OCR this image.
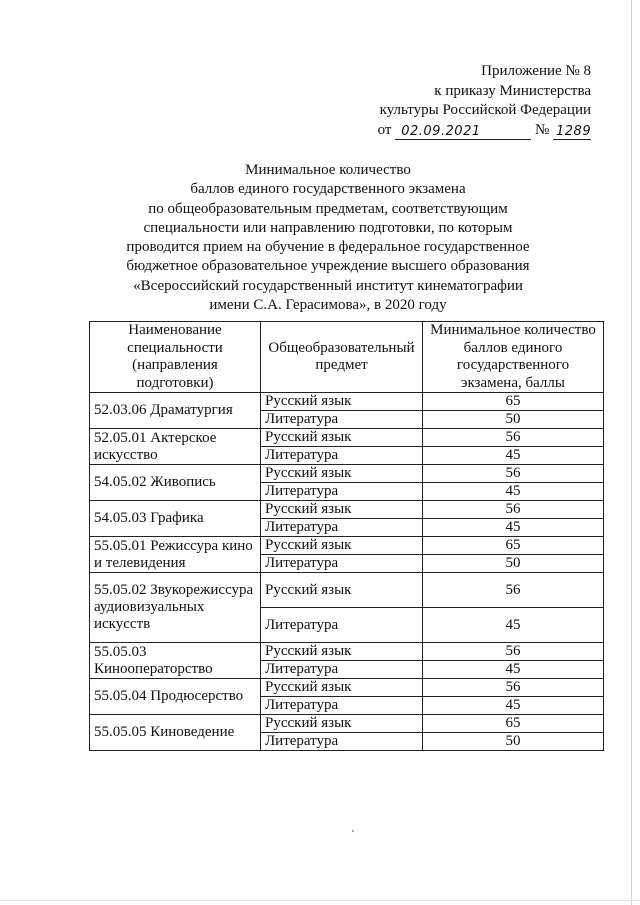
Приложение № 8
к приказу Министерства
культуры Российской Федерации
от 02.09.2021	№ 1289
Минимальное количество
баллов единого государственного экзамена
по общеобразовательным предметам, соответствующим
специальности или направлению подготовки, по которым
проводится прием на обучение в федеральное государственное
бюджетное образовательное учреждение высшего образования
«Всероссийский государственный институт кинематографии
имени С.А. Герасимова», в 2020 году
Наименование специальности (направления подготовки)	Общеобразовательный предмет	Минимальное количество баллов единого государственного экзамена, баллы
52.03.06 Драматургия	Русский язык	65
	Литература	50
52.05.01 Актерское искусство	Русский язык	56
	Литература	45
54.05.02 Живопись	Русский язык	56
	Литература	45
54.05.03 Графика	Русский язык	56
	Литература	45
55.05.01 Режиссура кино и телевидения	Русский язык	65
	Литература	50
55.05.02 Звукорежиссура аудиовизуальных искусств	Русский язык	56
	Литература	45
55.05.03 Кинооператорство	Русский язык	56
	Литература	45
55.05.04 Продюсерство	Русский язык	56
	Литература	45
55.05.05 Киноведение	Русский язык	65
	Литература	50
